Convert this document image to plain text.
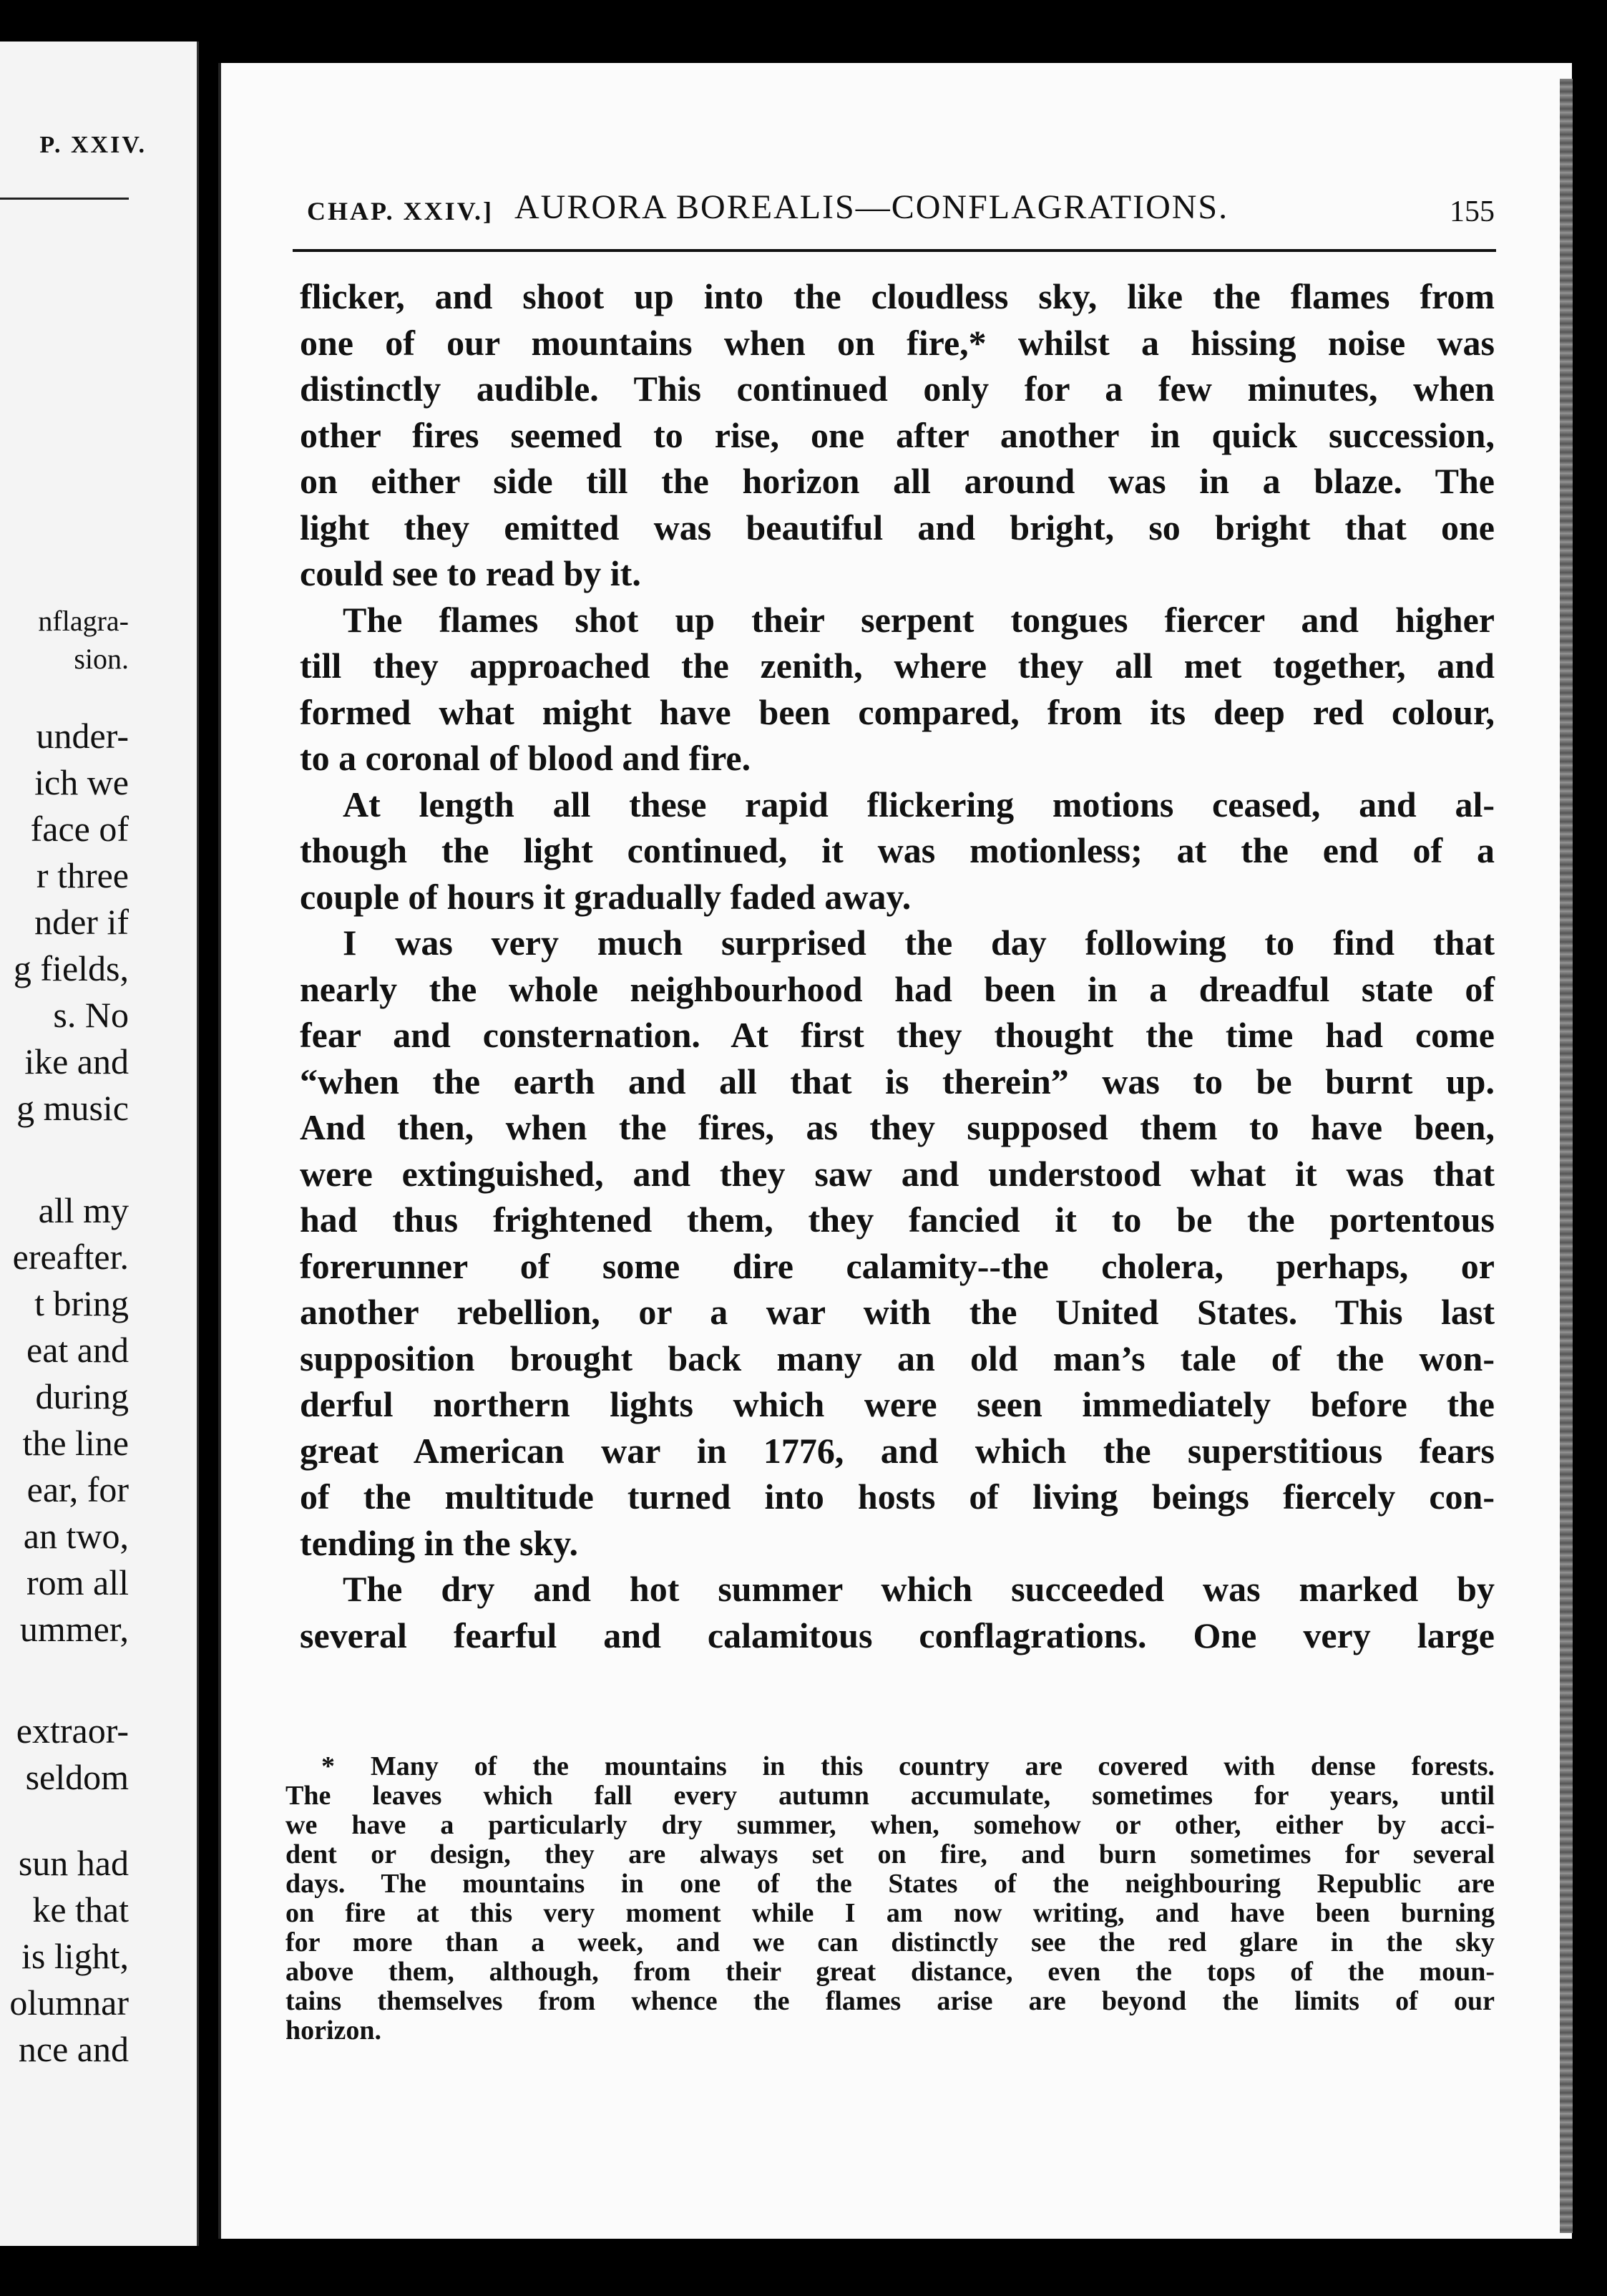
P. XXIV.
nflagra-
sion.
under-
ich we
face of
r three
nder if
g fields,
s. No
ike and
g music
all my
ereafter.
t bring
eat and
during
the line
ear, for
an two,
rom all
ummer,
extraor-
seldom
sun had
ke that
is light,
olumnar
nce and
CHAP. XXIV.] AURORA BOREALIS—CONFLAGRATIONS.	155
flicker, and shoot up into the cloudless sky, like the flames from
one of our mountains when on fire,* whilst a hissing noise was
distinctly audible. This continued only for a few minutes, when
other fires seemed to rise, one after another in quick succession,
on either side till the horizon all around was in a blaze. The
light they emitted was beautiful and bright, so bright that one
could see to read by it.
The flames shot up their serpent tongues fiercer and higher
till they approached the zenith, where they all met together, and
formed what might have been compared, from its deep red colour,
to a coronal of blood and fire.
At length all these rapid flickering motions ceased, and al-
though the light continued, it was motionless; at the end of a
couple of hours it gradually faded away.
I was very much surprised the day following to find that
nearly the whole neighbourhood had been in a dreadful state of
fear and consternation. At first they thought the time had come
“when the earth and all that is therein” was to be burnt up.
And then, when the fires, as they supposed them to have been,
were extinguished, and they saw and understood what it was that
had thus frightened them, they fancied it to be the portentous
forerunner of some dire calamity--the cholera, perhaps, or
another rebellion, or a war with the United States. This last
supposition brought back many an old man’s tale of the won-
derful northern lights which were seen immediately before the
great American war in 1776, and which the superstitious fears
of the multitude turned into hosts of living beings fiercely con-
tending in the sky.
The dry and hot summer which succeeded was marked by
several fearful and calamitous conflagrations. One very large
* Many of the mountains in this country are covered with dense forests.
The leaves which fall every autumn accumulate, sometimes for years, until
we have a particularly dry summer, when, somehow or other, either by acci-
dent or design, they are always set on fire, and burn sometimes for several
days. The mountains in one of the States of the neighbouring Republic are
on fire at this very moment while I am now writing, and have been burning
for more than a week, and we can distinctly see the red glare in the sky
above them, although, from their great distance, even the tops of the moun-
tains themselves from whence the flames arise are beyond the limits of our
horizon.
